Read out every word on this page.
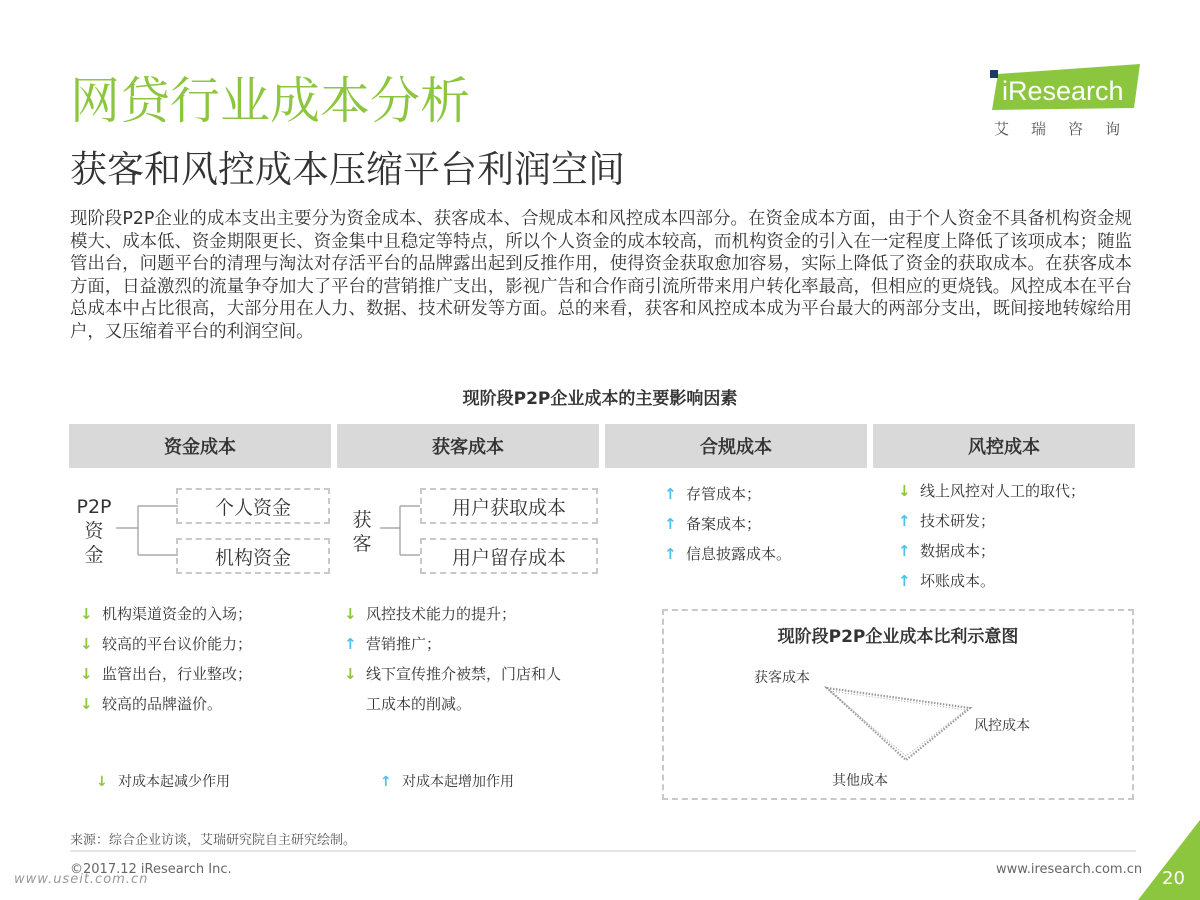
网贷行业成本分析
获客和风控成本压缩平台利润空间
iResearch
艾瑞咨询
现阶段P2P企业的成本支出主要分为资金成本、获客成本、合规成本和风控成本四部分。在资金成本方面，由于个人资金不具备机构资金规模大、成本低、资金期限更长、资金集中且稳定等特点，所以个人资金的成本较高，而机构资金的引入在一定程度上降低了该项成本；随监管出台，问题平台的清理与淘汰对存活平台的品牌露出起到反推作用，使得资金获取愈加容易，实际上降低了资金的获取成本。在获客成本方面，日益激烈的流量争夺加大了平台的营销推广支出，影视广告和合作商引流所带来用户转化率最高，但相应的更烧钱。风控成本在平台总成本中占比很高，大部分用在人力、数据、技术研发等方面。总的来看，获客和风控成本成为平台最大的两部分支出，既间接地转嫁给用户，又压缩着平台的利润空间。
现阶段P2P企业成本的主要影响因素
资金成本	获客成本	合规成本	风控成本
P2P
资
金
个人资金
机构资金
获
客
用户获取成本
用户留存成本
↓ 机构渠道资金的入场；
↓ 较高的平台议价能力；
↓ 监管出台，行业整改；
↓ 较高的品牌溢价。
↓ 风控技术能力的提升；
↑ 营销推广；
↓ 线下宣传推介被禁，门店和人
工成本的削减。
↑ 存管成本；
↑ 备案成本；
↑ 信息披露成本。
↓ 线上风控对人工的取代；
↑ 技术研发；
↑ 数据成本；
↑ 坏账成本。
↓ 对成本起减少作用	↑ 对成本起增加作用
现阶段P2P企业成本比利示意图
获客成本
风控成本
其他成本
来源：综合企业访谈，艾瑞研究院自主研究绘制。
©2017.12 iResearch Inc.	www.iresearch.com.cn
www.useit.com.cn	20
